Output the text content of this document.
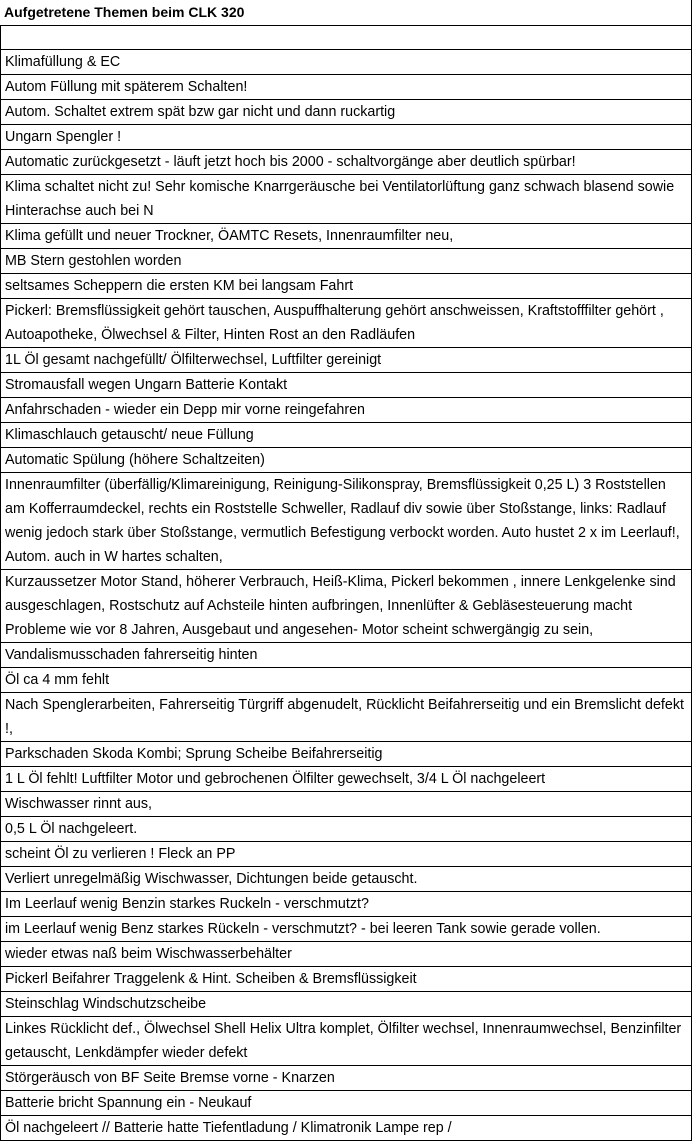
Aufgetretene Themen beim CLK 320

Klimafüllung & EC
Autom Füllung mit späterem Schalten!
Autom. Schaltet extrem spät bzw gar nicht und dann ruckartig
Ungarn Spengler !
Automatic zurückgesetzt - läuft jetzt hoch bis 2000 - schaltvorgänge aber deutlich spürbar!
Klima schaltet nicht zu! Sehr komische Knarrgeräusche bei Ventilatorlüftung ganz schwach blasend sowie Hinterachse auch bei N
Klima gefüllt und neuer Trockner, ÖAMTC Resets, Innenraumfilter neu,
MB Stern gestohlen worden
seltsames Scheppern die ersten KM bei langsam Fahrt
Pickerl: Bremsflüssigkeit gehört tauschen, Auspuffhalterung gehört anschweissen, Kraftstofffilter gehört , Autoapotheke, Ölwechsel & Filter, Hinten Rost an den Radläufen
1L Öl gesamt nachgefüllt/ Ölfilterwechsel, Luftfilter gereinigt
Stromausfall wegen Ungarn Batterie Kontakt
Anfahrschaden - wieder ein Depp mir vorne reingefahren
Klimaschlauch getauscht/ neue Füllung
Automatic Spülung (höhere Schaltzeiten)
Innenraumfilter (überfällig/Klimareinigung, Reinigung-Silikonspray, Bremsflüssigkeit 0,25 L) 3 Roststellen am Kofferraumdeckel, rechts ein Roststelle Schweller, Radlauf div sowie über Stoßstange, links: Radlauf wenig jedoch stark über Stoßstange, vermutlich Befestigung verbockt worden. Auto hustet 2 x im Leerlauf!, Autom. auch in W hartes schalten,
Kurzaussetzer Motor Stand, höherer Verbrauch, Heiß-Klima, Pickerl bekommen , innere Lenkgelenke sind ausgeschlagen, Rostschutz auf Achsteile hinten aufbringen, Innenlüfter & Gebläsesteuerung macht Probleme wie vor 8 Jahren, Ausgebaut und angesehen- Motor scheint schwergängig zu sein,
Vandalismusschaden fahrerseitig hinten
Öl ca 4 mm fehlt
Nach Spenglerarbeiten, Fahrerseitig Türgriff abgenudelt, Rücklicht Beifahrerseitig und ein Bremslicht defekt !,
Parkschaden Skoda Kombi; Sprung Scheibe Beifahrerseitig
1 L Öl fehlt! Luftfilter Motor und gebrochenen Ölfilter gewechselt, 3/4 L Öl nachgeleert
Wischwasser rinnt aus,
0,5 L Öl nachgeleert.
scheint Öl zu verlieren ! Fleck an PP
Verliert unregelmäßig Wischwasser, Dichtungen beide getauscht.
Im Leerlauf wenig Benzin starkes Ruckeln - verschmutzt?
im Leerlauf wenig Benz starkes Rückeln - verschmutzt? - bei leeren Tank sowie gerade vollen.
wieder etwas naß beim Wischwasserbehälter
Pickerl Beifahrer Traggelenk & Hint. Scheiben & Bremsflüssigkeit
Steinschlag Windschutzscheibe
Linkes Rücklicht def., Ölwechsel Shell Helix Ultra komplet, Ölfilter wechsel, Innenraumwechsel, Benzinfilter getauscht, Lenkdämpfer wieder defekt
Störgeräusch von BF Seite Bremse vorne - Knarzen
Batterie bricht Spannung ein - Neukauf
Öl nachgeleert // Batterie hatte Tiefentladung / Klimatronik Lampe rep /
